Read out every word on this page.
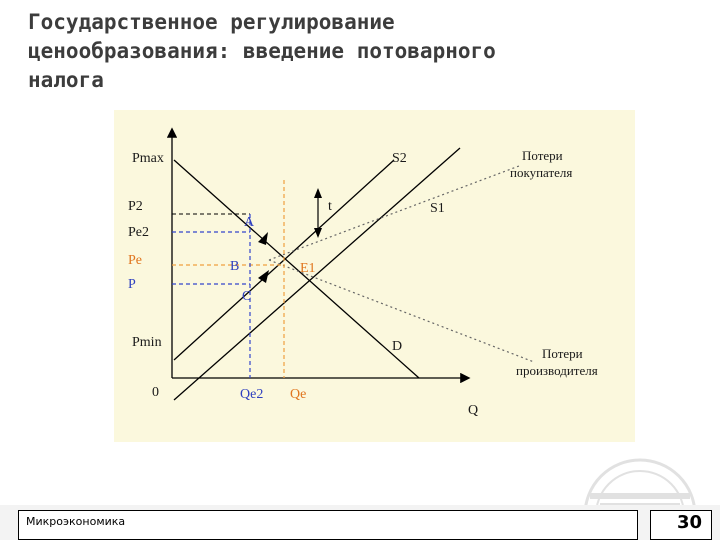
Государственное регулирование
ценообразования: введение потоварного
налога
Pmax
P2
Pe2
Pe
P
Pmin
0	Qe2 Qe
Q
S2
S1
D
t
A
B
C
E1
Потери покупателя
Потери производителя
Микроэкономика	30
